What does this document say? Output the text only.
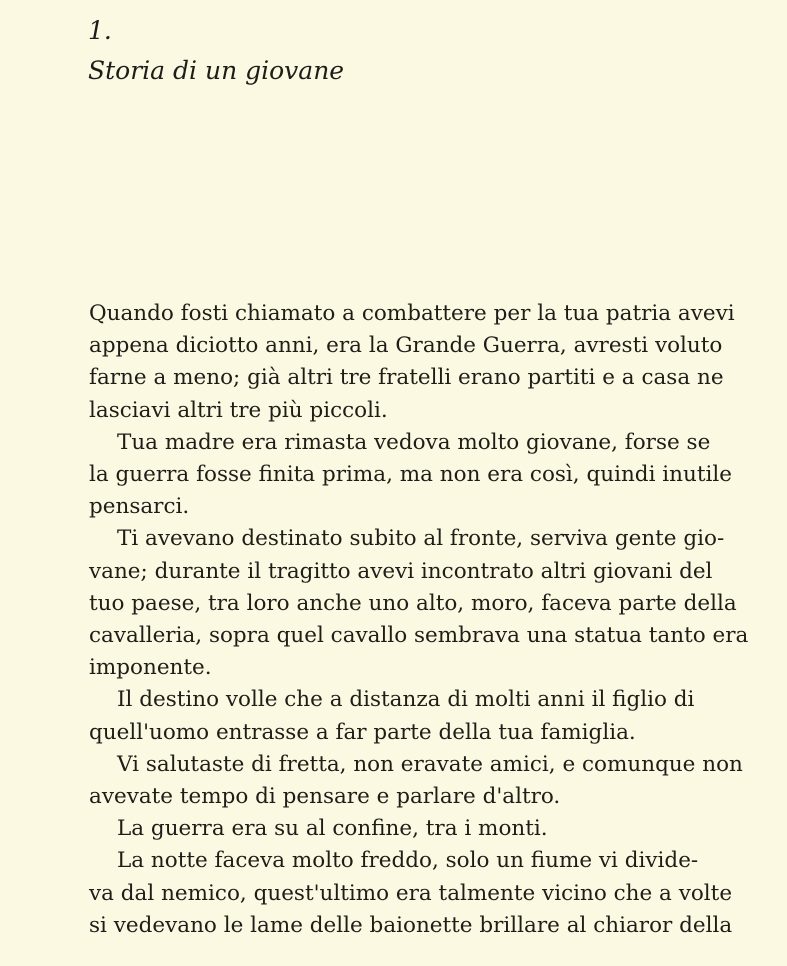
1.
Storia di un giovane
Quando fosti chiamato a combattere per la tua patria avevi
appena diciotto anni, era la Grande Guerra, avresti voluto
farne a meno; già altri tre fratelli erano partiti e a casa ne
lasciavi altri tre più piccoli.
Tua madre era rimasta vedova molto giovane, forse se
la guerra fosse finita prima, ma non era così, quindi inutile
pensarci.
Ti avevano destinato subito al fronte, serviva gente gio-
vane; durante il tragitto avevi incontrato altri giovani del
tuo paese, tra loro anche uno alto, moro, faceva parte della
cavalleria, sopra quel cavallo sembrava una statua tanto era
imponente.
Il destino volle che a distanza di molti anni il figlio di
quell'uomo entrasse a far parte della tua famiglia.
Vi salutaste di fretta, non eravate amici, e comunque non
avevate tempo di pensare e parlare d'altro.
La guerra era su al confine, tra i monti.
La notte faceva molto freddo, solo un fiume vi divide-
va dal nemico, quest'ultimo era talmente vicino che a volte
si vedevano le lame delle baionette brillare al chiaror della
